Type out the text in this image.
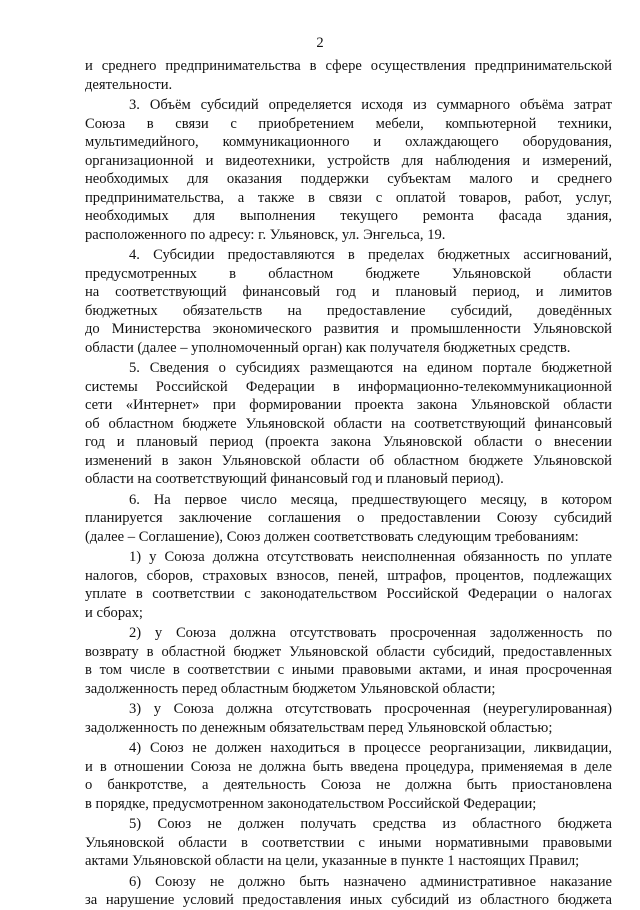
2
и среднего предпринимательства в сфере осуществления предпринимательской
деятельности.
3. Объём субсидий определяется исходя из суммарного объёма затрат
Союза в связи с приобретением мебели, компьютерной техники,
мультимедийного, коммуникационного и охлаждающего оборудования,
организационной и видеотехники, устройств для наблюдения и измерений,
необходимых для оказания поддержки субъектам малого и среднего
предпринимательства, а также в связи с оплатой товаров, работ, услуг,
необходимых для выполнения текущего ремонта фасада здания,
расположенного по адресу: г. Ульяновск, ул. Энгельса, 19.
4. Субсидии предоставляются в пределах бюджетных ассигнований,
предусмотренных в областном бюджете Ульяновской области
на соответствующий финансовый год и плановый период, и лимитов
бюджетных обязательств на предоставление субсидий, доведённых
до Министерства экономического развития и промышленности Ульяновской
области (далее – уполномоченный орган) как получателя бюджетных средств.
5. Сведения о субсидиях размещаются на едином портале бюджетной
системы Российской Федерации в информационно-телекоммуникационной
сети «Интернет» при формировании проекта закона Ульяновской области
об областном бюджете Ульяновской области на соответствующий финансовый
год и плановый период (проекта закона Ульяновской области о внесении
изменений в закон Ульяновской области об областном бюджете Ульяновской
области на соответствующий финансовый год и плановый период).
6. На первое число месяца, предшествующего месяцу, в котором
планируется заключение соглашения о предоставлении Союзу субсидий
(далее – Соглашение), Союз должен соответствовать следующим требованиям:
1) у Союза должна отсутствовать неисполненная обязанность по уплате
налогов, сборов, страховых взносов, пеней, штрафов, процентов, подлежащих
уплате в соответствии с законодательством Российской Федерации о налогах
и сборах;
2) у Союза должна отсутствовать просроченная задолженность по
возврату в областной бюджет Ульяновской области субсидий, предоставленных
в том числе в соответствии с иными правовыми актами, и иная просроченная
задолженность перед областным бюджетом Ульяновской области;
3) у Союза должна отсутствовать просроченная (неурегулированная)
задолженность по денежным обязательствам перед Ульяновской областью;
4) Союз не должен находиться в процессе реорганизации, ликвидации,
и в отношении Союза не должна быть введена процедура, применяемая в деле
о банкротстве, а деятельность Союза не должна быть приостановлена
в порядке, предусмотренном законодательством Российской Федерации;
5) Союз не должен получать средства из областного бюджета
Ульяновской области в соответствии с иными нормативными правовыми
актами Ульяновской области на цели, указанные в пункте 1 настоящих Правил;
6) Союзу не должно быть назначено административное наказание
за нарушение условий предоставления иных субсидий из областного бюджета
